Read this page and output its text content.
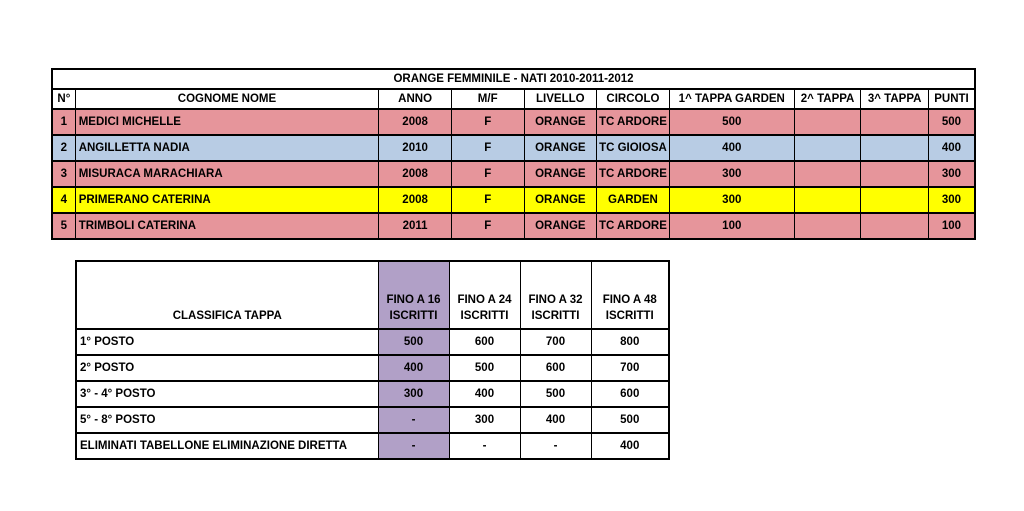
ORANGE FEMMINILE - NATI 2010-2011-2012									
N°	COGNOME NOME	ANNO	M/F	LIVELLO	CIRCOLO	1^ TAPPA GARDEN	2^ TAPPA	3^ TAPPA	PUNTI
1	MEDICI MICHELLE	2008	F	ORANGE	TC ARDORE	500			500
2	ANGILLETTA NADIA	2010	F	ORANGE	TC GIOIOSA	400			400
3	MISURACA MARACHIARA	2008	F	ORANGE	TC ARDORE	300			300
4	PRIMERANO CATERINA	2008	F	ORANGE	GARDEN	300			300
5	TRIMBOLI CATERINA	2011	F	ORANGE	TC ARDORE	100			100
CLASSIFICA TAPPA	FINO A 16 ISCRITTI	FINO A 24 ISCRITTI	FINO A 32 ISCRITTI	FINO A 48 ISCRITTI
1° POSTO	500	600	700	800
2° POSTO	400	500	600	700
3° - 4° POSTO	300	400	500	600
5° - 8° POSTO	-	300	400	500
ELIMINATI TABELLONE ELIMINAZIONE DIRETTA	-	-	-	400
